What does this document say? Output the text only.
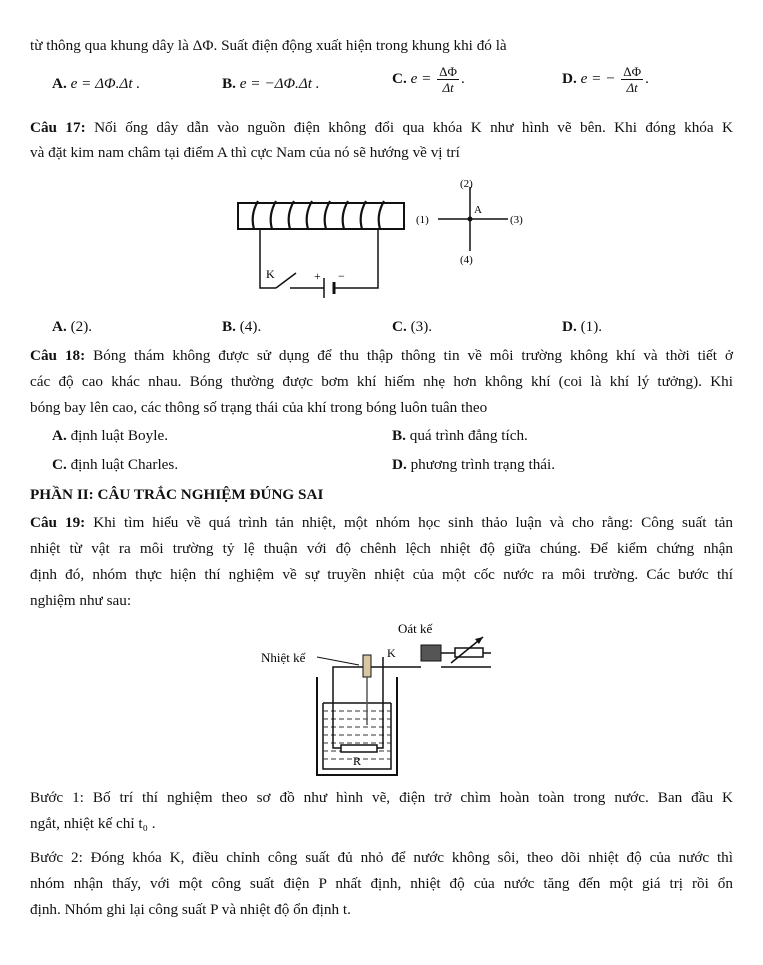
từ thông qua khung dây là ΔΦ. Suất điện động xuất hiện trong khung khi đó là
A. e = ΔΦ.Δt .	B. e = −ΔΦ.Δt .	C. $e = \frac{\Delta\Phi}{\Delta t}$ .	D. e = − $\frac{\Delta\Phi}{\Delta t}$ .
Câu 17: Nối ống dây dẫn vào nguồn điện không đổi qua khóa K như hình vẽ bên. Khi đóng khóa K
và đặt kim nam châm tại điểm A thì cực Nam của nó sẽ hướng về vị trí
K	+ −
A
(2)
(1)	(3)
(4)
A. (2).	B. (4).	C. (3).	D. (1).
Câu 18: Bóng thám không được sử dụng để thu thập thông tin về môi trường không khí và thời tiết ở
các độ cao khác nhau. Bóng thường được bơm khí hiếm nhẹ hơn không khí (coi là khí lý tưởng). Khi
bóng bay lên cao, các thông số trạng thái của khí trong bóng luôn tuân theo
A. định luật Boyle.	B. quá trình đẳng tích.
C. định luật Charles.	D. phương trình trạng thái.
PHẦN II: CÂU TRẮC NGHIỆM ĐÚNG SAI
Câu 19: Khi tìm hiểu về quá trình tản nhiệt, một nhóm học sinh thảo luận và cho rằng: Công suất tản
nhiệt từ vật ra môi trường tỷ lệ thuận với độ chênh lệch nhiệt độ giữa chúng. Để kiểm chứng nhận
định đó, nhóm thực hiện thí nghiệm về sự truyền nhiệt của một cốc nước ra môi trường. Các bước thí
nghiệm như sau:
Oát kế
Nhiệt kế	K
R
Bước 1: Bố trí thí nghiệm theo sơ đồ như hình vẽ, điện trở chìm hoàn toàn trong nước. Ban đầu K
ngắt, nhiệt kế chỉ t₀ .
Bước 2: Đóng khóa K, điều chỉnh công suất đủ nhỏ để nước không sôi, theo dõi nhiệt độ của nước thì
nhóm nhận thấy, với một công suất điện P nhất định, nhiệt độ của nước tăng đến một giá trị rồi ổn
định. Nhóm ghi lại công suất P và nhiệt độ ổn định t.
